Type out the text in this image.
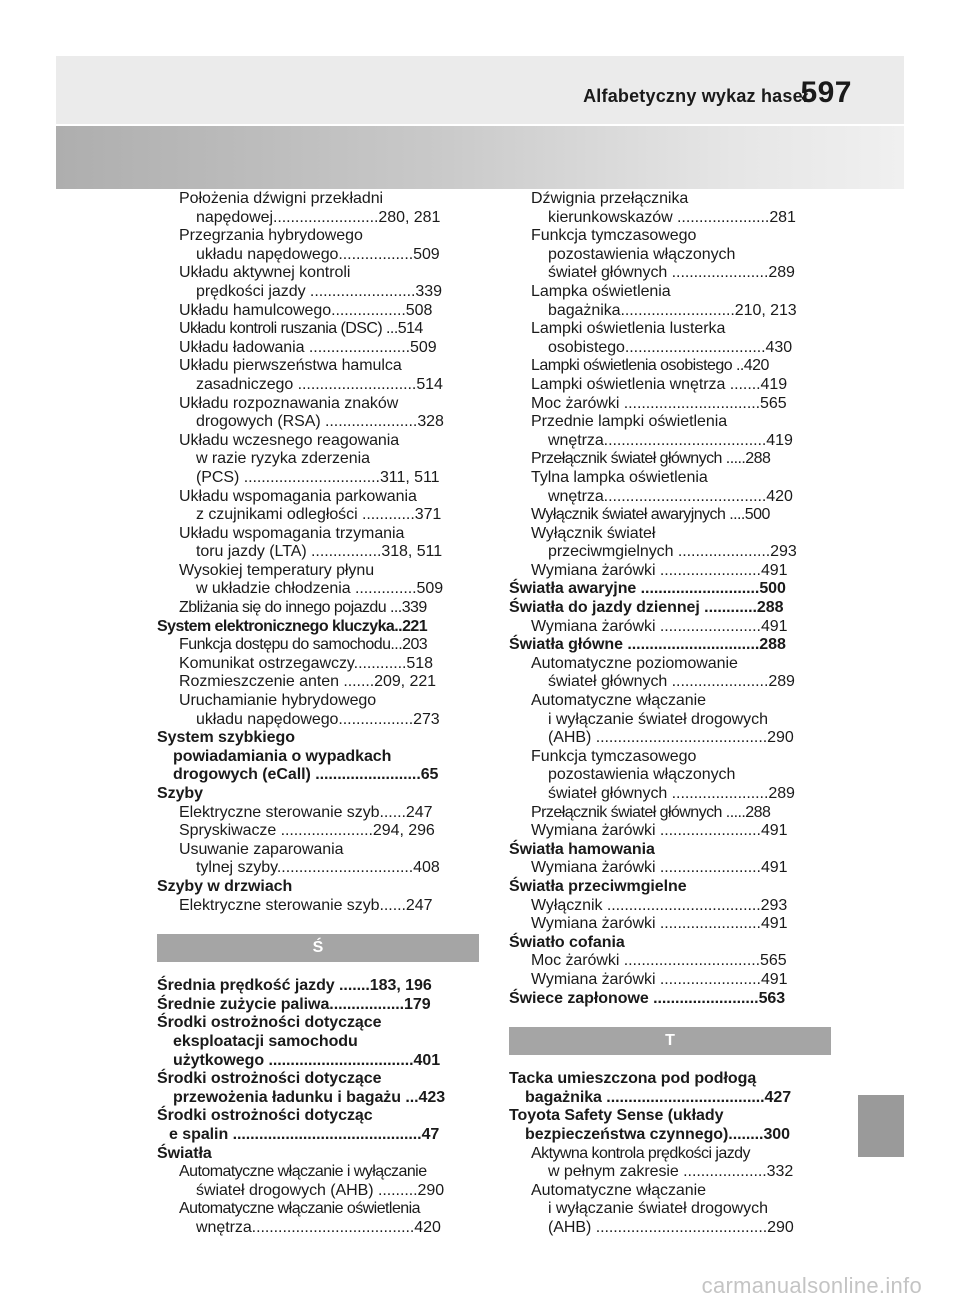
Alfabetyczny wykaz haseł
597
Położenia dźwigni przekładni
napędowej........................280, 281
Przegrzania hybrydowego
układu napędowego.................509
Układu aktywnej kontroli
prędkości jazdy ........................339
Układu hamulcowego.................508
Układu kontroli ruszania (DSC) ...514
Układu ładowania .......................509
Układu pierwszeństwa hamulca
zasadniczego ...........................514
Układu rozpoznawania znaków
drogowych (RSA) .....................328
Układu wczesnego reagowania
w razie ryzyka zderzenia
(PCS) ...............................311, 511
Układu wspomagania parkowania
z czujnikami odległości ............371
Układu wspomagania trzymania
toru jazdy (LTA) ................318, 511
Wysokiej temperatury płynu
w układzie chłodzenia ..............509
Zbliżania się do innego pojazdu ...339
System elektronicznego kluczyka..221
Funkcja dostępu do samochodu...203
Komunikat ostrzegawczy............518
Rozmieszczenie anten .......209, 221
Uruchamianie hybrydowego
układu napędowego.................273
System szybkiego
powiadamiania o wypadkach
drogowych (eCall) ........................65
Szyby
Elektryczne sterowanie szyb......247
Spryskiwacze .....................294, 296
Usuwanie zaparowania
tylnej szyby...............................408
Szyby w drzwiach
Elektryczne sterowanie szyb......247
Ś
Średnia prędkość jazdy .......183, 196
Średnie zużycie paliwa.................179
Środki ostrożności dotyczące
eksploatacji samochodu
użytkowego .................................401
Środki ostrożności dotyczące
przewożenia ładunku i bagażu ...423
Środki ostrożności dotycząc
e spalin ...........................................47
Światła
Automatyczne włączanie i wyłączanie
świateł drogowych (AHB) .........290
Automatyczne włączanie oświetlenia
wnętrza.....................................420
Dźwignia przełącznika
kierunkowskazów .....................281
Funkcja tymczasowego
pozostawienia włączonych
świateł głównych ......................289
Lampka oświetlenia
bagażnika..........................210, 213
Lampki oświetlenia lusterka
osobistego................................430
Lampki oświetlenia osobistego ..420
Lampki oświetlenia wnętrza .......419
Moc żarówki ...............................565
Przednie lampki oświetlenia
wnętrza.....................................419
Przełącznik świateł głównych .....288
Tylna lampka oświetlenia
wnętrza.....................................420
Wyłącznik świateł awaryjnych ....500
Wyłącznik świateł
przeciwmgielnych .....................293
Wymiana żarówki .......................491
Światła awaryjne ...........................500
Światła do jazdy dziennej ............288
Wymiana żarówki .......................491
Światła główne ..............................288
Automatyczne poziomowanie
świateł głównych ......................289
Automatyczne włączanie
i wyłączanie świateł drogowych
(AHB) .......................................290
Funkcja tymczasowego
pozostawienia włączonych
świateł głównych ......................289
Przełącznik świateł głównych .....288
Wymiana żarówki .......................491
Światła hamowania
Wymiana żarówki .......................491
Światła przeciwmgielne
Wyłącznik ...................................293
Wymiana żarówki .......................491
Światło cofania
Moc żarówki ...............................565
Wymiana żarówki .......................491
Świece zapłonowe ........................563
T
Tacka umieszczona pod podłogą
bagażnika ....................................427
Toyota Safety Sense (układy
bezpieczeństwa czynnego)........300
Aktywna kontrola prędkości jazdy
w pełnym zakresie ...................332
Automatyczne włączanie
i wyłączanie świateł drogowych
(AHB) .......................................290
carmanualsonline.info
